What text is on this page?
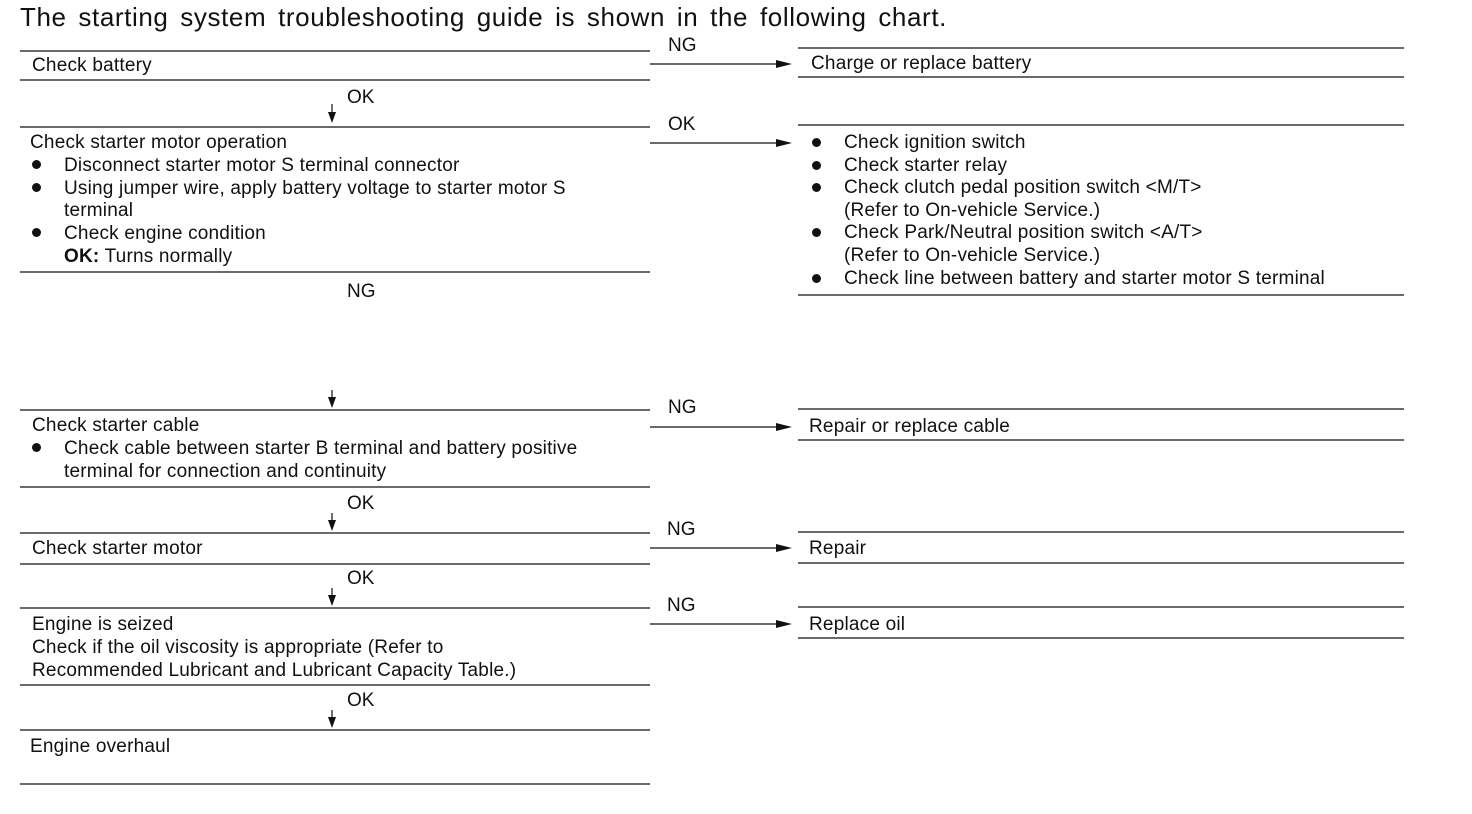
The starting system troubleshooting guide is shown in the following chart.
Check battery
NG
Charge or replace battery
OK
Check starter motor operation
Disconnect starter motor S terminal connector
Using jumper wire, apply battery voltage to starter motor S
terminal
Check engine condition
OK: Turns normally
OK
NG
Check ignition switch
Check starter relay
Check clutch pedal position switch <M/T>
(Refer to On-vehicle Service.)
Check Park/Neutral position switch <A/T>
(Refer to On-vehicle Service.)
Check line between battery and starter motor S terminal
Check starter cable
Check cable between starter B terminal and battery positive
terminal for connection and continuity
NG
Repair or replace cable
OK
Check starter motor
NG
Repair
OK
Engine is seized
Check if the oil viscosity is appropriate (Refer to
Recommended Lubricant and Lubricant Capacity Table.)
NG
Replace oil
OK
Engine overhaul
